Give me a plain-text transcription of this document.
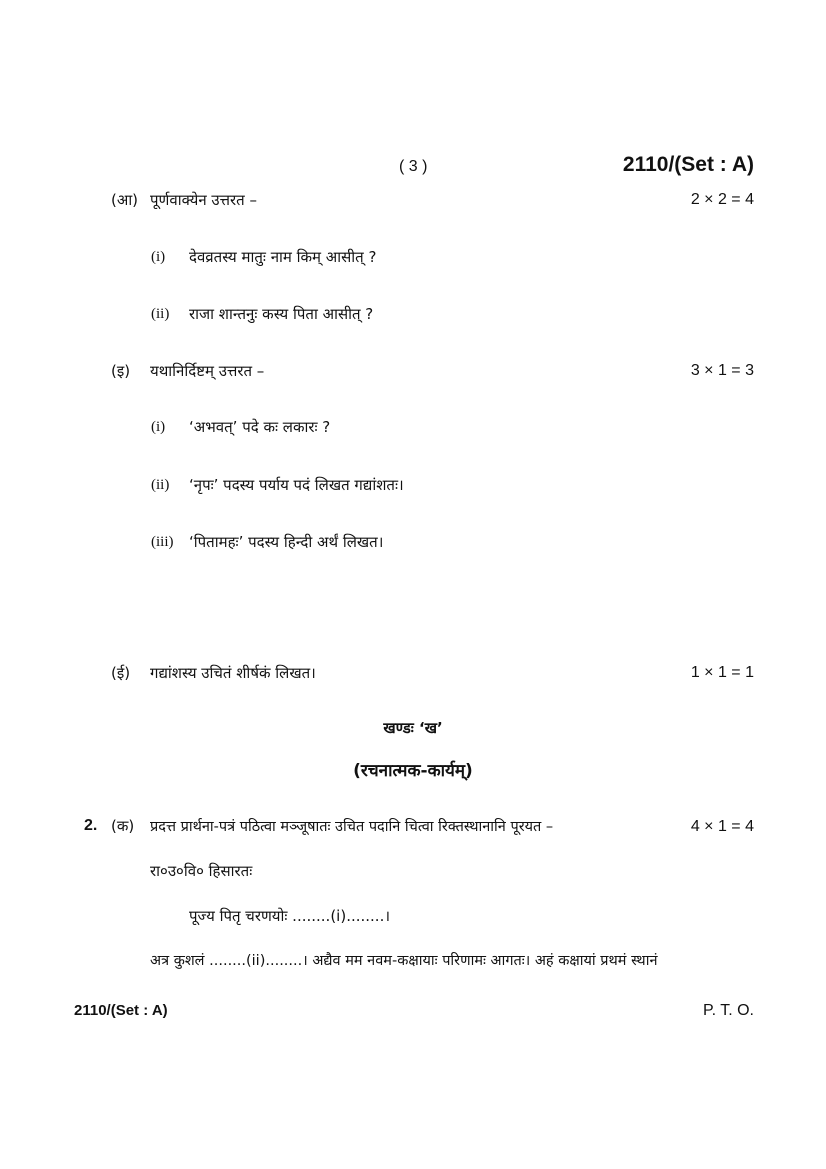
( 3 )	2110/(Set : A)
(आ) पूर्णवाक्येन उत्तरत –	2 × 2 = 4
(i) देवव्रतस्य मातुः नाम किम् आसीत् ?
(ii) राजा शान्तनुः कस्य पिता आसीत् ?
(इ) यथानिर्दिष्टम् उत्तरत –	3 × 1 = 3
(i) ‘अभवत्’ पदे कः लकारः ?
(ii) ‘नृपः’ पदस्य पर्याय पदं लिखत गद्यांशतः।
(iii) ‘पितामहः’ पदस्य हिन्दी अर्थं लिखत।
(ई) गद्यांशस्य उचितं शीर्षकं लिखत।	1 × 1 = 1
खण्डः ‘ख’
(रचनात्मक-कार्यम्)
2. (क) प्रदत्त प्रार्थना-पत्रं पठित्वा मञ्जूषातः उचित पदानि चित्वा रिक्तस्थानानि पूरयत –	4 × 1 = 4
रा०उ०वि० हिसारतः
पूज्य पितृ चरणयोः ........(i)........।
अत्र कुशलं ........(ii)........। अद्यैव मम नवम-कक्षायाः परिणामः आगतः। अहं कक्षायां प्रथमं स्थानं
2110/(Set : A)	P. T. O.
